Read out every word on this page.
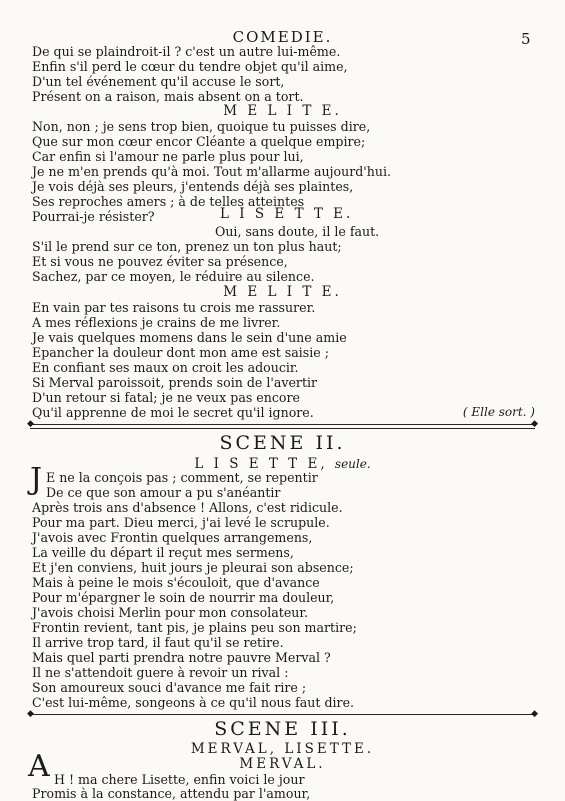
COMEDIE.	5
De qui se plaindroit-il ? c'est un autre lui-même.
Enfin s'il perd le cœur du tendre objet qu'il aime,
D'un tel événement qu'il accuse le sort,
Présent on a raison, mais absent on a tort.
M E L I T E.
Non, non ; je sens trop bien, quoique tu puisses dire,
Que sur mon cœur encor Cléante a quelque empire;
Car enfin si l'amour ne parle plus pour lui,
Je ne m'en prends qu'à moi. Tout m'allarme aujourd'hui.
Je vois déjà ses pleurs, j'entends déjà ses plaintes,
Ses reproches amers ; à de telles atteintes
Pourrai-je résister?	L I S E T T E.
Oui, sans doute, il le faut.
S'il le prend sur ce ton, prenez un ton plus haut;
Et si vous ne pouvez éviter sa présence,
Sachez, par ce moyen, le réduire au silence.
M E L I T E.
En vain par tes raisons tu crois me rassurer.
A mes réflexions je crains de me livrer.
Je vais quelques momens dans le sein d'une amie
Epancher la douleur dont mon ame est saisie ;
En confiant ses maux on croit les adoucir.
Si Merval paroissoit, prends soin de l'avertir
D'un retour si fatal; je ne veux pas encore
Qu'il apprenne de moi le secret qu'il ignore.	( Elle sort. )
◆	◆
SCENE II.
L I S E T T E, seule.
J E ne la conçois pas ; comment, se repentir
De ce que son amour a pu s'anéantir
Après trois ans d'absence ! Allons, c'est ridicule.
Pour ma part. Dieu merci, j'ai levé le scrupule.
J'avois avec Frontin quelques arrangemens,
La veille du départ il reçut mes sermens,
Et j'en conviens, huit jours je pleurai son absence;
Mais à peine le mois s'écouloit, que d'avance
Pour m'épargner le soin de nourrir ma douleur,
J'avois choisi Merlin pour mon consolateur.
Frontin revient, tant pis, je plains peu son martire;
Il arrive trop tard, il faut qu'il se retire.
Mais quel parti prendra notre pauvre Merval ?
Il ne s'attendoit guere à revoir un rival :
Son amoureux souci d'avance me fait rire ;
C'est lui-même, songeons à ce qu'il nous faut dire.
◆	◆
SCENE III.
MERVAL, LISETTE.
MERVAL.
A H ! ma chere Lisette, enfin voici le jour
Promis à la constance, attendu par l'amour,
